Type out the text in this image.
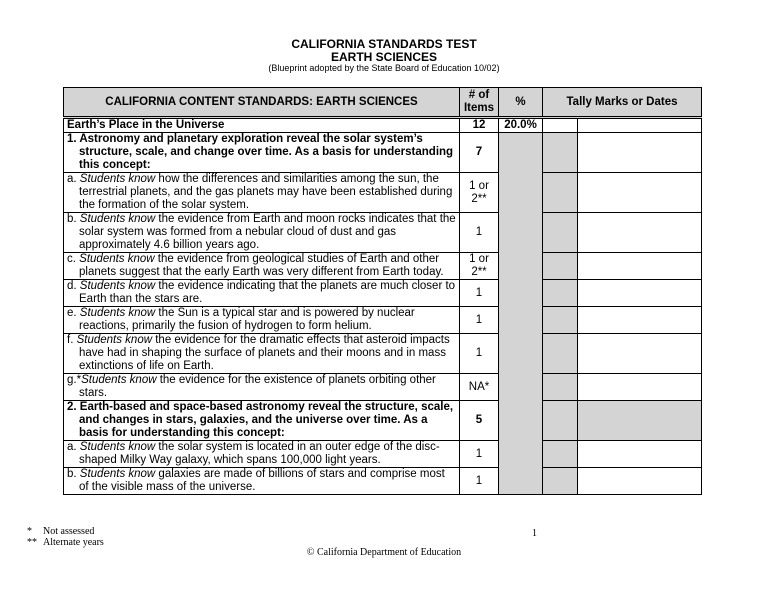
CALIFORNIA STANDARDS TEST
EARTH SCIENCES
(Blueprint adopted by the State Board of Education 10/02)
CALIFORNIA CONTENT STANDARDS: EARTH SCIENCES	# of Items	%	Tally Marks or Dates	
Earth’s Place in the Universe	12	20.0%		
1. Astronomy and planetary exploration reveal the solar system’s structure, scale, and change over time. As a basis for understanding this concept:	7			
a. Students know how the differences and similarities among the sun, the terrestrial planets, and the gas planets may have been established during the formation of the solar system.	1 or 2**			
b. Students know the evidence from Earth and moon rocks indicates that the solar system was formed from a nebular cloud of dust and gas approximately 4.6 billion years ago.	1			
c. Students know the evidence from geological studies of Earth and other planets suggest that the early Earth was very different from Earth today.	1 or 2**			
d. Students know the evidence indicating that the planets are much closer to Earth than the stars are.	1			
e. Students know the Sun is a typical star and is powered by nuclear reactions, primarily the fusion of hydrogen to form helium.	1			
f. Students know the evidence for the dramatic effects that asteroid impacts have had in shaping the surface of planets and their moons and in mass extinctions of life on Earth.	1			
g.*Students know the evidence for the existence of planets orbiting other stars.	NA*			
2. Earth-based and space-based astronomy reveal the structure, scale, and changes in stars, galaxies, and the universe over time. As a basis for understanding this concept:	5			
a. Students know the solar system is located in an outer edge of the disc-shaped Milky Way galaxy, which spans 100,000 light years.	1			
b. Students know galaxies are made of billions of stars and comprise most of the visible mass of the universe.	1			
* Not assessed
** Alternate years
1
© California Department of Education
